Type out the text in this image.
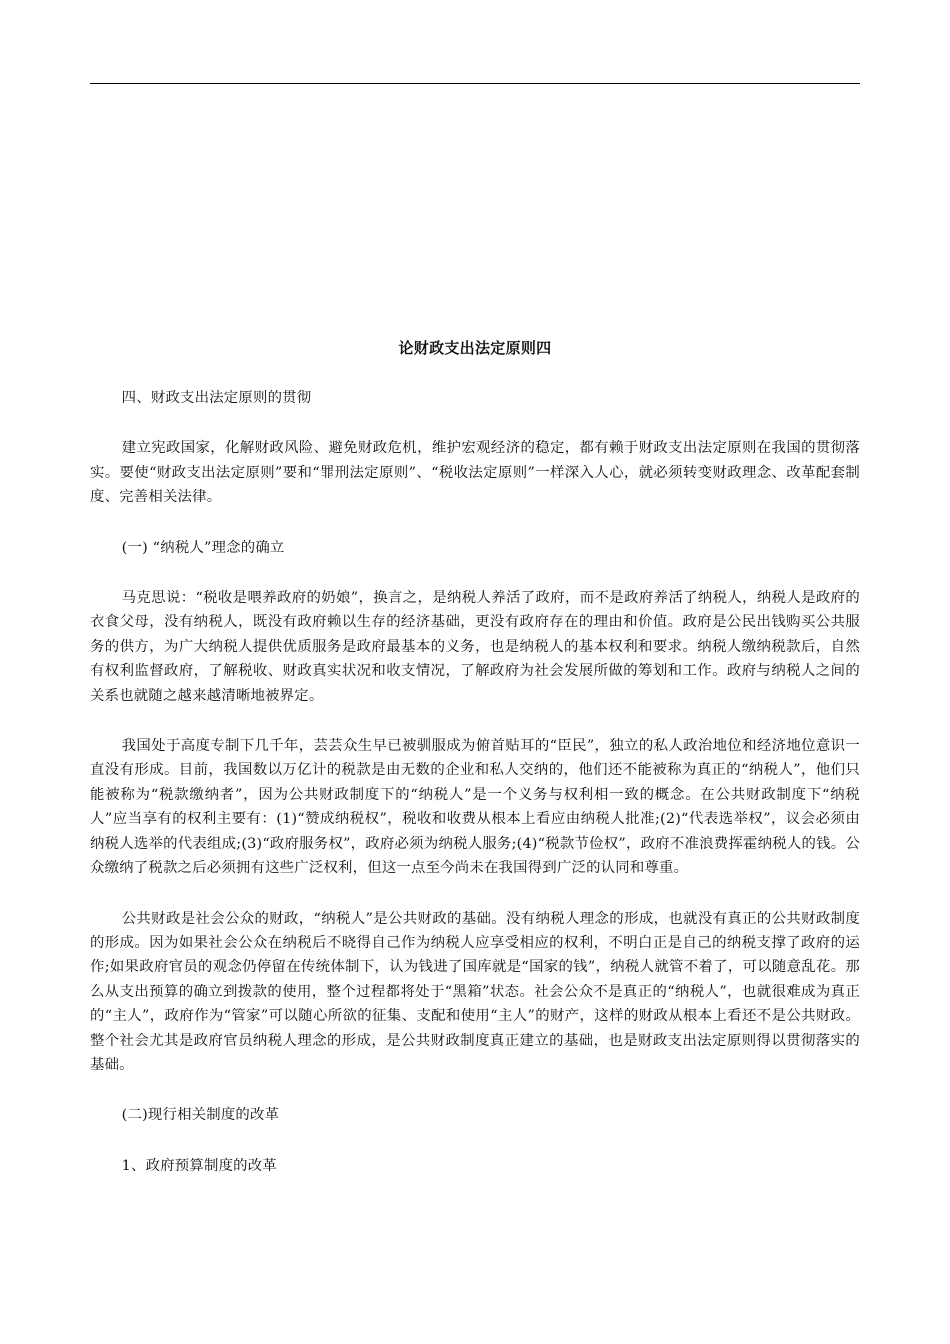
论财政支出法定原则四

四、财政支出法定原则的贯彻

建立宪政国家，化解财政风险、避免财政危机，维护宏观经济的稳定，都有赖于财政支出法定原则在我国的贯彻落实。要使“财政支出法定原则”要和“罪刑法定原则”、“税收法定原则”一样深入人心，就必须转变财政理念、改革配套制度、完善相关法律。

(一) “纳税人”理念的确立

马克思说：“税收是喂养政府的奶娘”，换言之，是纳税人养活了政府，而不是政府养活了纳税人，纳税人是政府的衣食父母，没有纳税人，既没有政府赖以生存的经济基础，更没有政府存在的理由和价值。政府是公民出钱购买公共服务的供方，为广大纳税人提供优质服务是政府最基本的义务，也是纳税人的基本权利和要求。纳税人缴纳税款后，自然有权利监督政府，了解税收、财政真实状况和收支情况，了解政府为社会发展所做的筹划和工作。政府与纳税人之间的关系也就随之越来越清晰地被界定。

我国处于高度专制下几千年，芸芸众生早已被驯服成为俯首贴耳的“臣民”，独立的私人政治地位和经济地位意识一直没有形成。目前，我国数以万亿计的税款是由无数的企业和私人交纳的，他们还不能被称为真正的“纳税人”，他们只能被称为“税款缴纳者”，因为公共财政制度下的“纳税人”是一个义务与权利相一致的概念。在公共财政制度下“纳税人”应当享有的权利主要有：(1)“赞成纳税权”，税收和收费从根本上看应由纳税人批准;(2)“代表选举权”，议会必须由纳税人选举的代表组成;(3)“政府服务权”，政府必须为纳税人服务;(4)“税款节俭权”，政府不准浪费挥霍纳税人的钱。公众缴纳了税款之后必须拥有这些广泛权利，但这一点至今尚未在我国得到广泛的认同和尊重。

公共财政是社会公众的财政，“纳税人”是公共财政的基础。没有纳税人理念的形成，也就没有真正的公共财政制度的形成。因为如果社会公众在纳税后不晓得自己作为纳税人应享受相应的权利，不明白正是自己的纳税支撑了政府的运作;如果政府官员的观念仍停留在传统体制下，认为钱进了国库就是“国家的钱”，纳税人就管不着了，可以随意乱花。那么从支出预算的确立到拨款的使用，整个过程都将处于“黑箱”状态。社会公众不是真正的“纳税人”，也就很难成为真正的“主人”，政府作为“管家”可以随心所欲的征集、支配和使用“主人”的财产，这样的财政从根本上看还不是公共财政。整个社会尤其是政府官员纳税人理念的形成，是公共财政制度真正建立的基础，也是财政支出法定原则得以贯彻落实的基础。

(二)现行相关制度的改革

1、政府预算制度的改革
